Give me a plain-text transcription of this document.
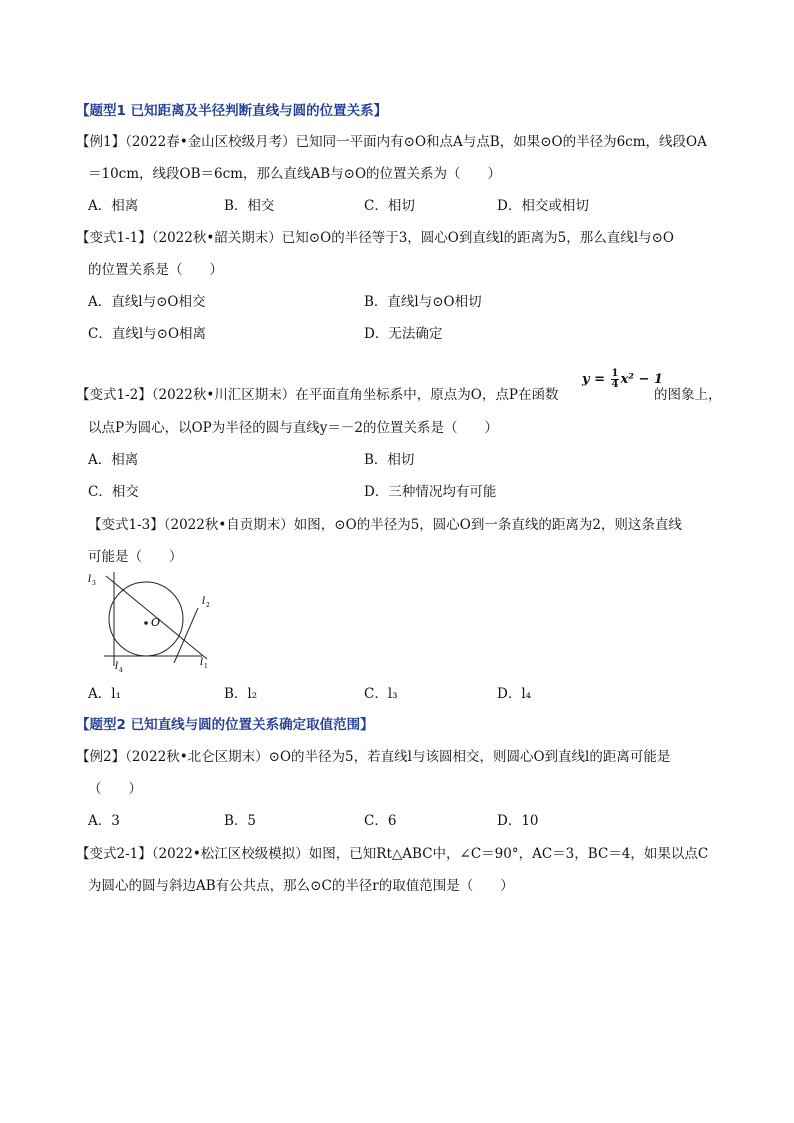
【题型1 已知距离及半径判断直线与圆的位置关系】
【例1】（2022春•金山区校级月考）已知同一平面内有⊙O和点A与点B，如果⊙O的半径为6cm，线段OA
＝10cm，线段OB＝6cm，那么直线AB与⊙O的位置关系为（　　）
A．相离	B．相交	C．相切	D．相交或相切
【变式1-1】（2022秋•韶关期末）已知⊙O的半径等于3，圆心O到直线l的距离为5，那么直线l与⊙O
的位置关系是（　　）
A．直线l与⊙O相交	B．直线l与⊙O相切
C．直线l与⊙O相离	D．无法确定
$y = \frac{1}{4} x^2 - 1$
【变式1-2】（2022秋•川汇区期末）在平面直角坐标系中，原点为O，点P在函数	的图象上，
以点P为圆心，以OP为半径的圆与直线y＝－2的位置关系是（　　）
A．相离	B．相切
C．相交	D．三种情况均有可能
【变式1-3】（2022秋•自贡期末）如图，⊙O的半径为5，圆心O到一条直线的距离为2，则这条直线
可能是（　　）
O
l 1
l 2
l 3
l 4
A．l₁	B．l₂	C．l₃	D．l₄
【题型2 已知直线与圆的位置关系确定取值范围】
【例2】（2022秋•北仑区期末）⊙O的半径为5，若直线l与该圆相交，则圆心O到直线l的距离可能是
（　　）
A．3	B．5	C．6	D．10
【变式2-1】（2022•松江区校级模拟）如图，已知Rt△ABC中，∠C＝90°，AC＝3，BC＝4，如果以点C
为圆心的圆与斜边AB有公共点，那么⊙C的半径r的取值范围是（　　）
